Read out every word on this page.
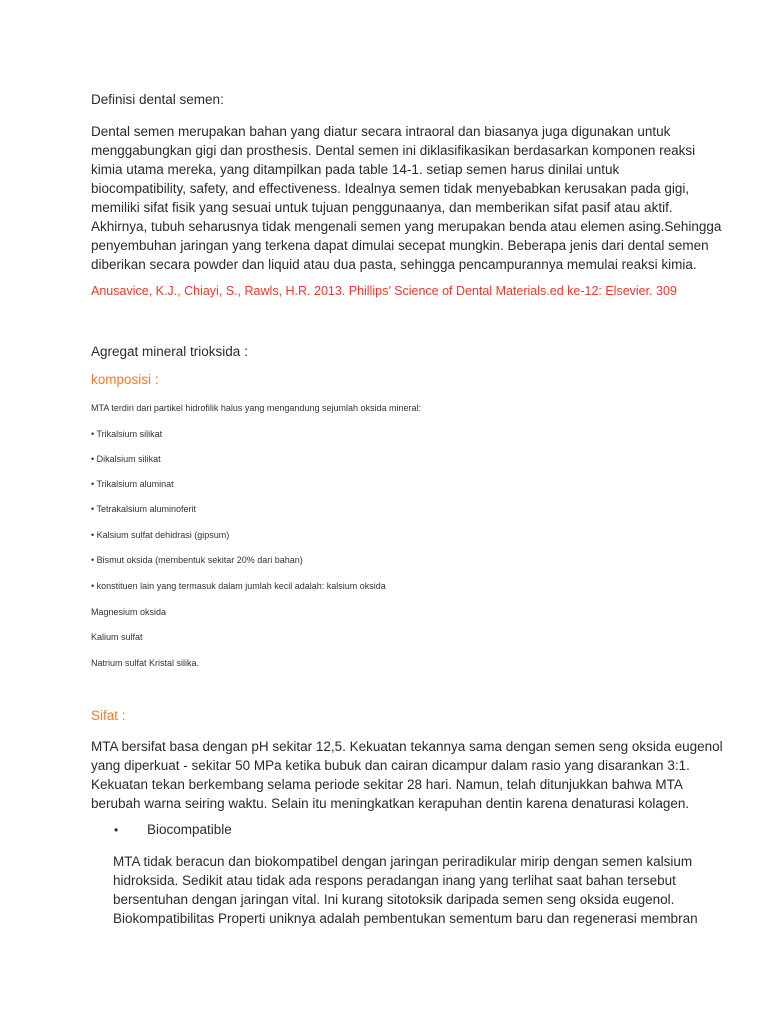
Definisi dental semen:
Dental semen merupakan bahan yang diatur secara intraoral dan biasanya juga digunakan untuk
menggabungkan gigi dan prosthesis. Dental semen ini diklasifikasikan berdasarkan komponen reaksi
kimia utama mereka, yang ditampilkan pada table 14-1. setiap semen harus dinilai untuk
biocompatibility, safety, and effectiveness. Idealnya semen tidak menyebabkan kerusakan pada gigi,
memiliki sifat fisik yang sesuai untuk tujuan penggunaanya, dan memberikan sifat pasif atau aktif.
Akhirnya, tubuh seharusnya tidak mengenali semen yang merupakan benda atau elemen asing.Sehingga
penyembuhan jaringan yang terkena dapat dimulai secepat mungkin. Beberapa jenis dari dental semen
diberikan secara powder dan liquid atau dua pasta, sehingga pencampurannya memulai reaksi kimia.
Anusavice, K.J., Chiayi, S., Rawls, H.R. 2013. Phillips’ Science of Dental Materials.ed ke-12: Elsevier. 309
Agregat mineral trioksida :
komposisi :
MTA terdiri dari partikel hidrofilik halus yang mengandung sejumlah oksida mineral:
• Trikalsium silikat
• Dikalsium silikat
• Trikalsium aluminat
• Tetrakalsium aluminoferit
• Kalsium sulfat dehidrasi (gipsum)
• Bismut oksida (membentuk sekitar 20% dari bahan)
• konstituen lain yang termasuk dalam jumlah kecil adalah: kalsium oksida
Magnesium oksida
Kalium sulfat
Natrium sulfat Kristal silika.
Sifat :
MTA bersifat basa dengan pH sekitar 12,5. Kekuatan tekannya sama dengan semen seng oksida eugenol
yang diperkuat - sekitar 50 MPa ketika bubuk dan cairan dicampur dalam rasio yang disarankan 3:1.
Kekuatan tekan berkembang selama periode sekitar 28 hari. Namun, telah ditunjukkan bahwa MTA
berubah warna seiring waktu. Selain itu meningkatkan kerapuhan dentin karena denaturasi kolagen.
• Biocompatible
MTA tidak beracun dan biokompatibel dengan jaringan periradikular mirip dengan semen kalsium
hidroksida. Sedikit atau tidak ada respons peradangan inang yang terlihat saat bahan tersebut
bersentuhan dengan jaringan vital. Ini kurang sitotoksik daripada semen seng oksida eugenol.
Biokompatibilitas Properti uniknya adalah pembentukan sementum baru dan regenerasi membran
